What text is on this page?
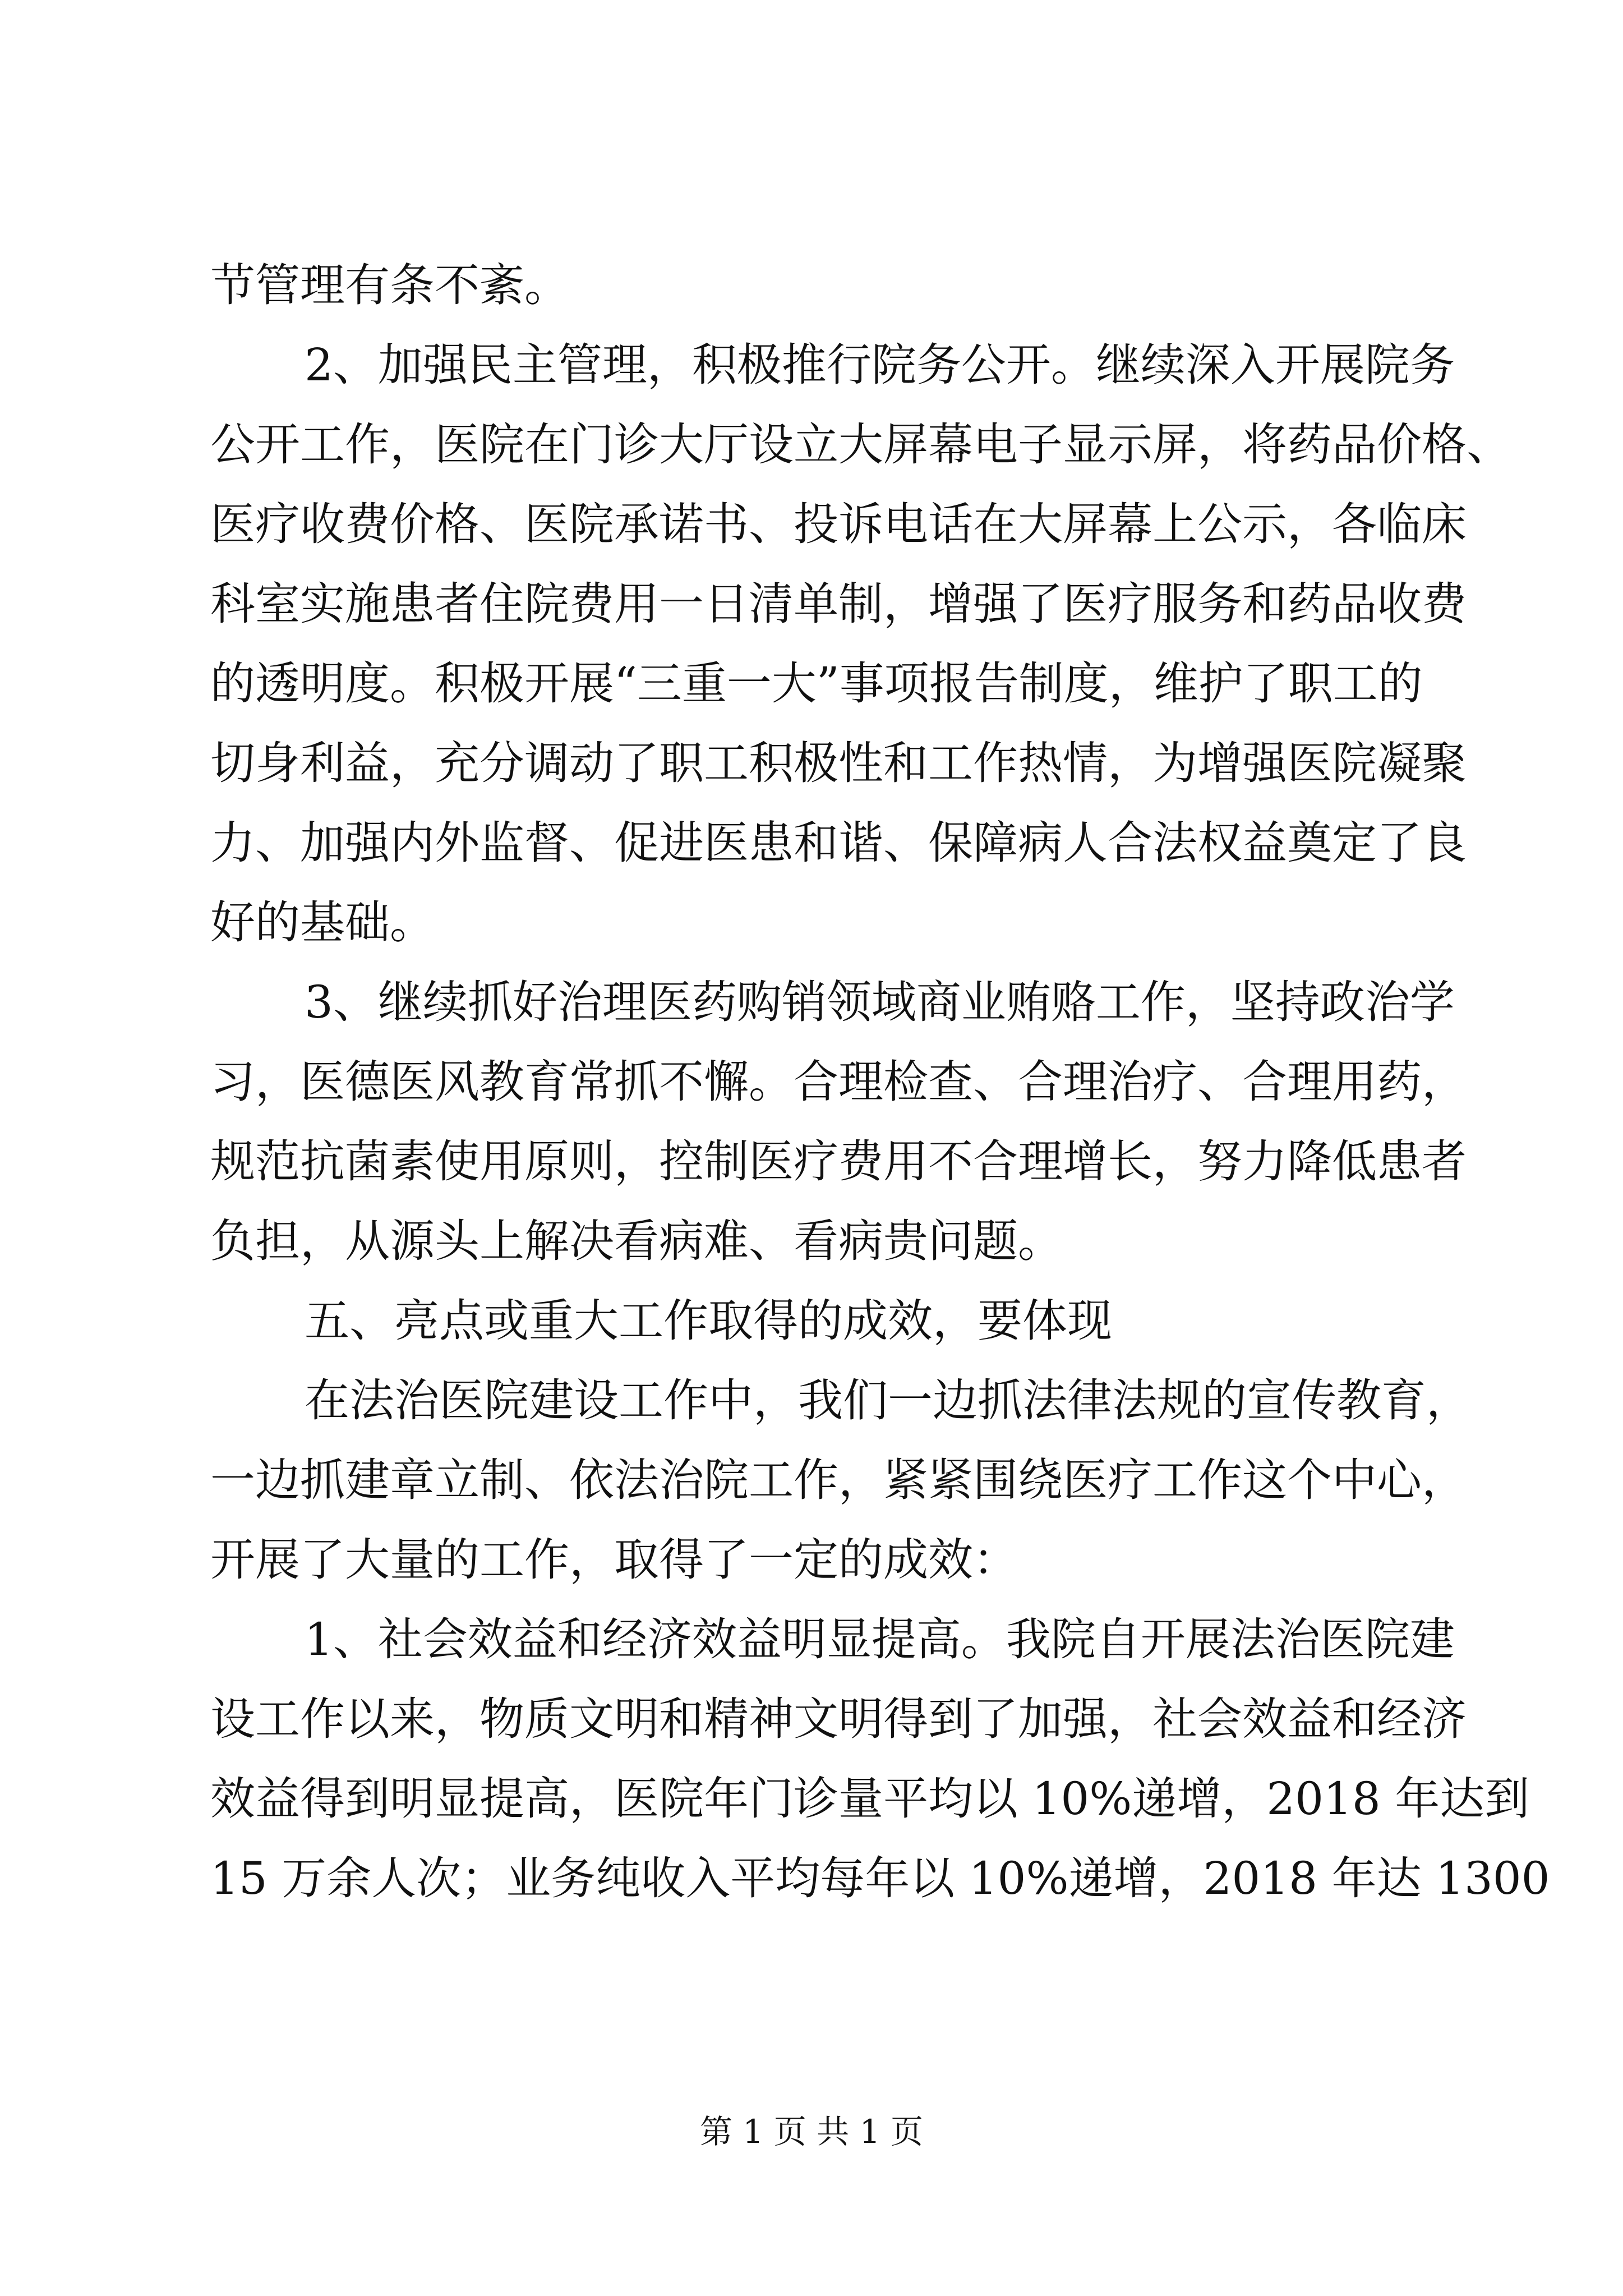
节管理有条不紊。
2、加强民主管理，积极推行院务公开。继续深入开展院务
公开工作，医院在门诊大厅设立大屏幕电子显示屏，将药品价格、
医疗收费价格、医院承诺书、投诉电话在大屏幕上公示，各临床
科室实施患者住院费用一日清单制，增强了医疗服务和药品收费
的透明度。积极开展“三重一大”事项报告制度，维护了职工的
切身利益，充分调动了职工积极性和工作热情，为增强医院凝聚
力、加强内外监督、促进医患和谐、保障病人合法权益奠定了良
好的基础。
3、继续抓好治理医药购销领域商业贿赂工作，坚持政治学
习，医德医风教育常抓不懈。合理检查、合理治疗、合理用药，
规范抗菌素使用原则，控制医疗费用不合理增长，努力降低患者
负担，从源头上解决看病难、看病贵问题。
五、亮点或重大工作取得的成效，要体现
在法治医院建设工作中，我们一边抓法律法规的宣传教育，
一边抓建章立制、依法治院工作，紧紧围绕医疗工作这个中心，
开展了大量的工作，取得了一定的成效：
1、社会效益和经济效益明显提高。我院自开展法治医院建
设工作以来，物质文明和精神文明得到了加强，社会效益和经济
效益得到明显提高，医院年门诊量平均以 10%递增，2018 年达到
15 万余人次；业务纯收入平均每年以 10%递增，2018 年达 1300
第 1 页 共 1 页
